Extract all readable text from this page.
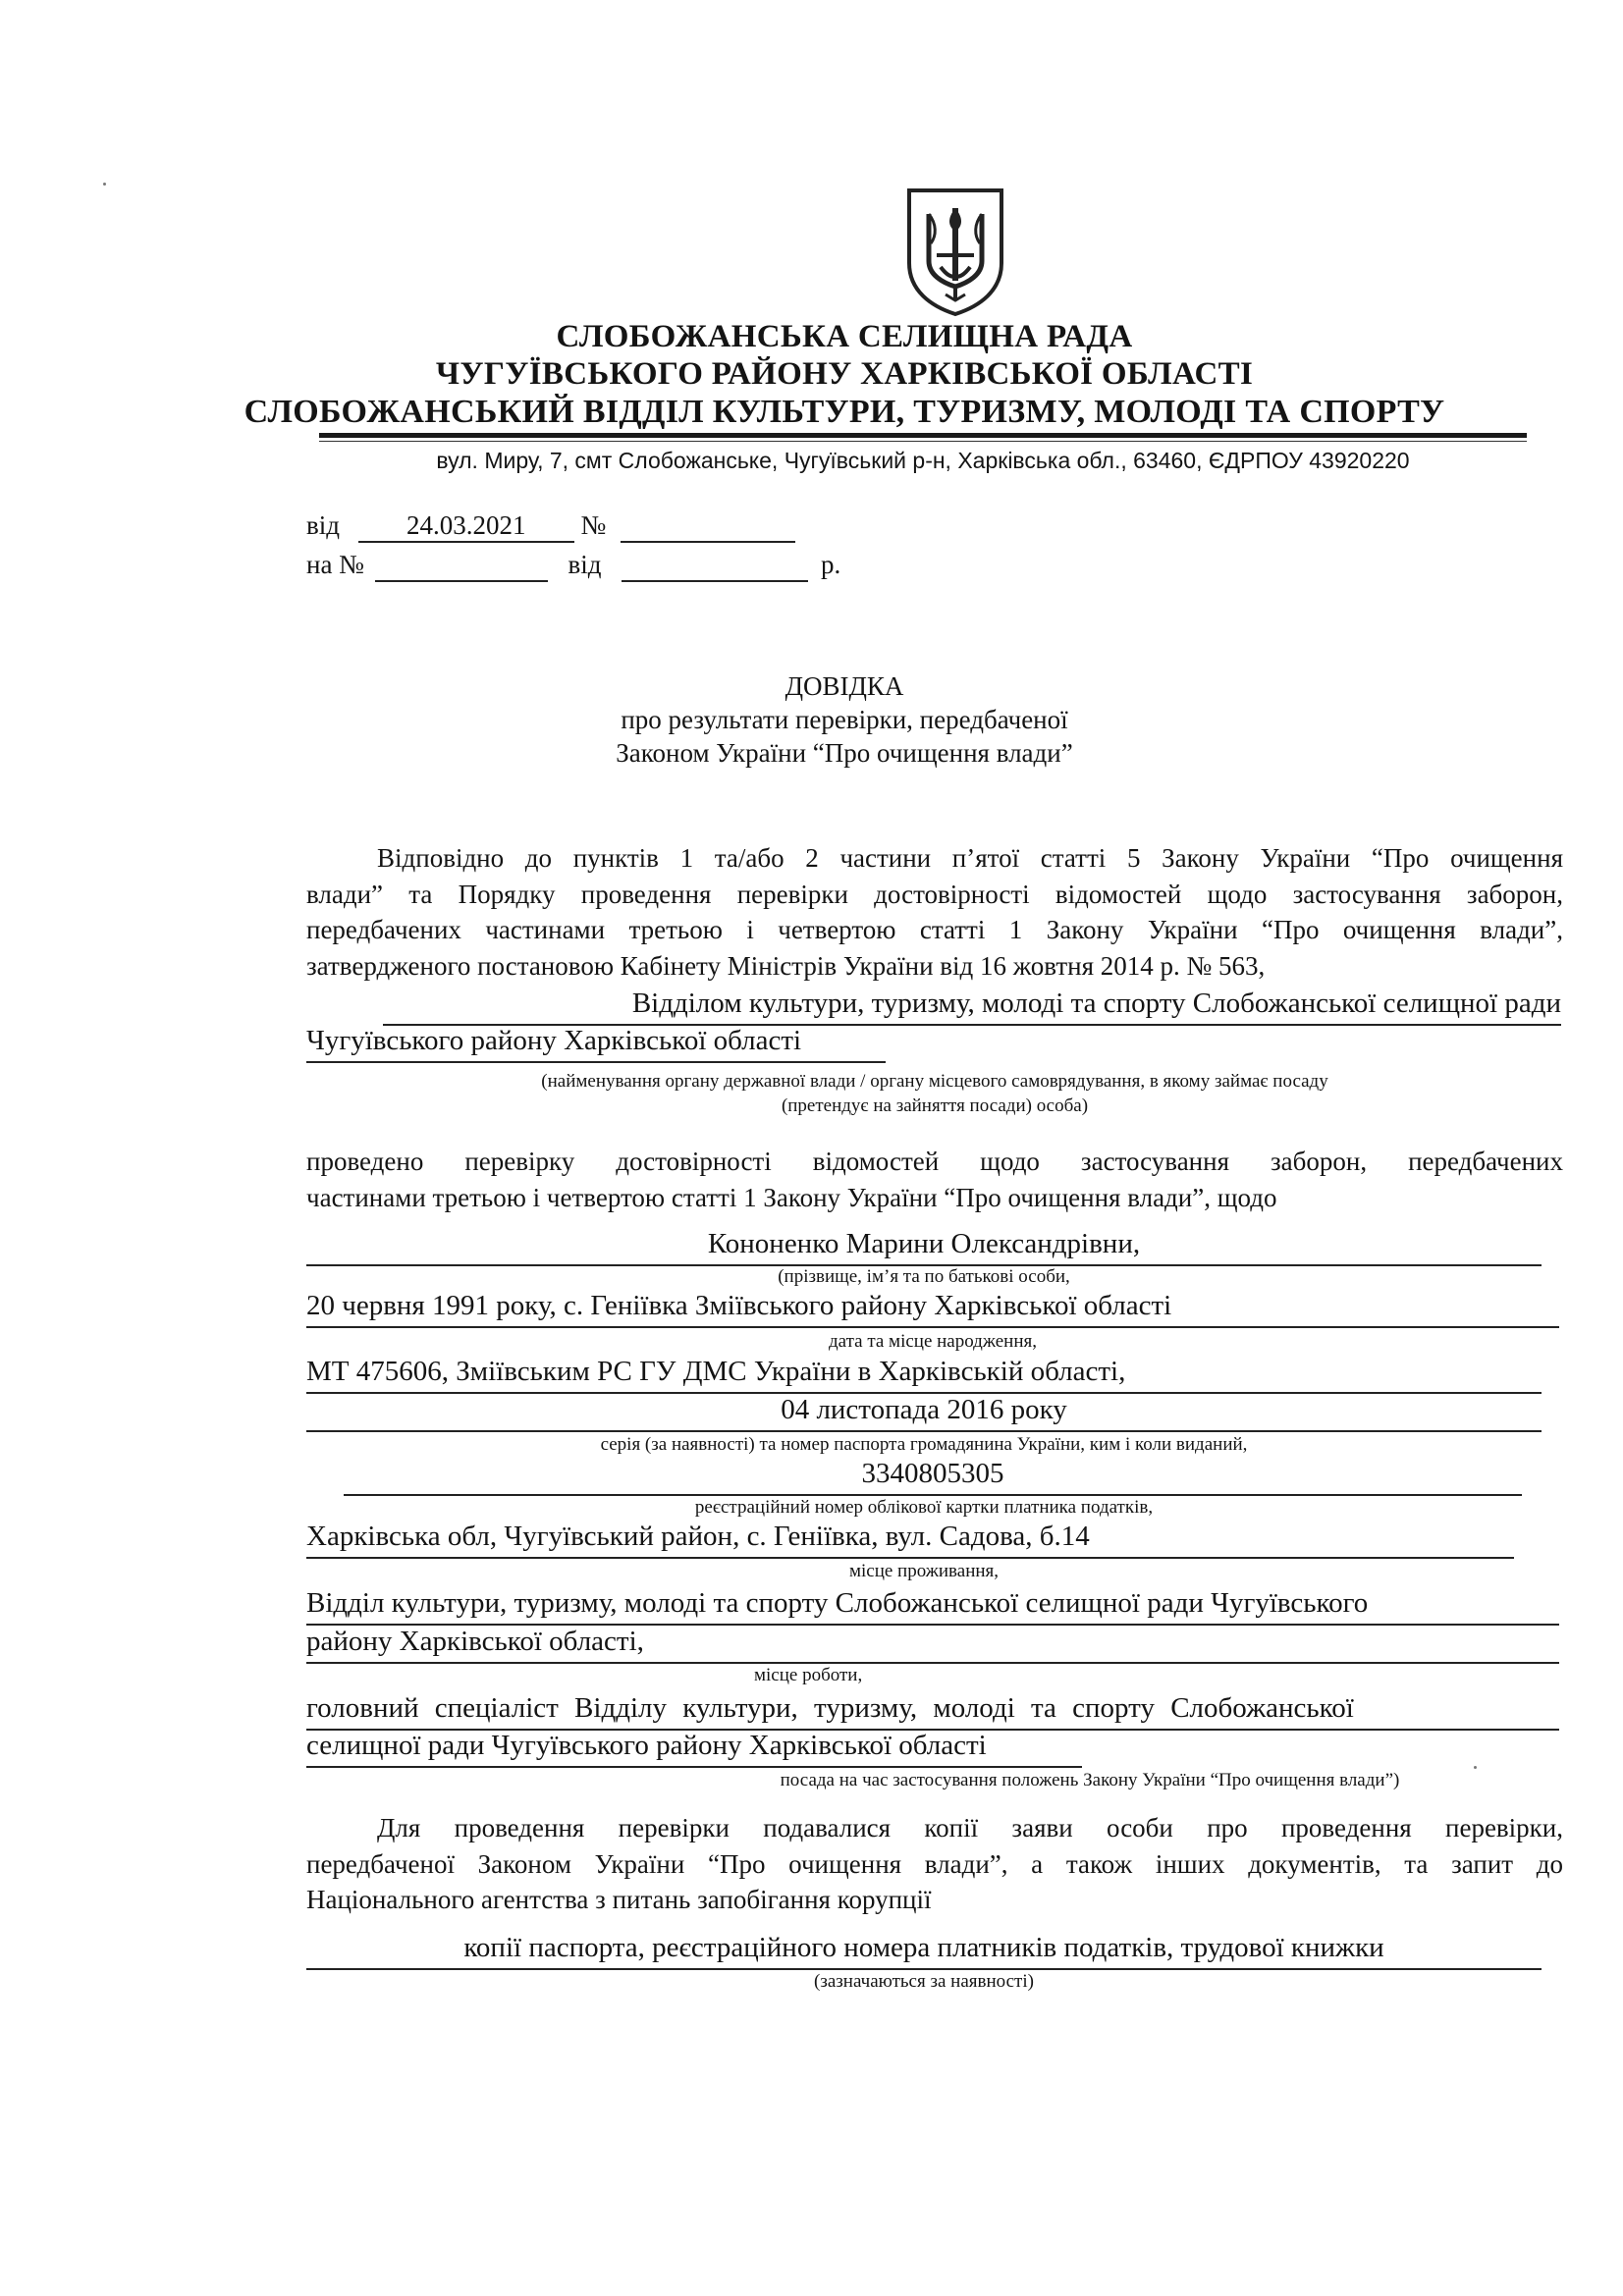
СЛОБОЖАНСЬКА СЕЛИЩНА РАДА
ЧУГУЇВСЬКОГО РАЙОНУ ХАРКІВСЬКОЇ ОБЛАСТІ
СЛОБОЖАНСЬКИЙ ВІДДІЛ КУЛЬТУРИ, ТУРИЗМУ, МОЛОДІ ТА СПОРТУ
вул. Миру, 7, смт Слобожанське, Чугуївський р-н, Харківська обл., 63460, ЄДРПОУ 43920220
від	24.03.2021 №
на №	від	р.
ДОВІДКА
про результати перевірки, передбаченої
Законом України “Про очищення влади”
Відповідно до пунктів 1 та/або 2 частини п’ятої статті 5 Закону України “Про очищення
влади” та Порядку проведення перевірки достовірності відомостей щодо застосування заборон,
передбачених частинами третьою і четвертою статті 1 Закону України “Про очищення влади”,
затвердженого постановою Кабінету Міністрів України від 16 жовтня 2014 р. № 563,
Відділом культури, туризму, молоді та спорту Слобожанської селищної ради
Чугуївського району Харківської області
(найменування органу державної влади / органу місцевого самоврядування, в якому займає посаду
(претендує на зайняття посади) особа)
проведено перевірку достовірності відомостей щодо застосування заборон, передбачених
частинами третьою і четвертою статті 1 Закону України “Про очищення влади”, щодо
Кононенко Марини Олександрівни,
(прізвище, ім’я та по батькові особи,
20 червня 1991 року, с. Геніївка Зміївського району Харківської області
дата та місце народження,
МТ 475606, Зміївським РС ГУ ДМС України в Харківській області,
04 листопада 2016 року
серія (за наявності) та номер паспорта громадянина України, ким і коли виданий,
3340805305
реєстраційний номер облікової картки платника податків,
Харківська обл, Чугуївський район, с. Геніївка, вул. Садова, б.14
місце проживання,
Відділ культури, туризму, молоді та спорту Слобожанської селищної ради Чугуївського
району Харківської області,
місце роботи,
головний спеціаліст Відділу культури, туризму, молоді та спорту Слобожанської
селищної ради Чугуївського району Харківської області
посада на час застосування положень Закону України “Про очищення влади”)
Для проведення перевірки подавалися копії заяви особи про проведення перевірки,
передбаченої Законом України “Про очищення влади”, а також інших документів, та запит до
Національного агентства з питань запобігання корупції
копії паспорта, реєстраційного номера платників податків, трудової книжки
(зазначаються за наявності)
